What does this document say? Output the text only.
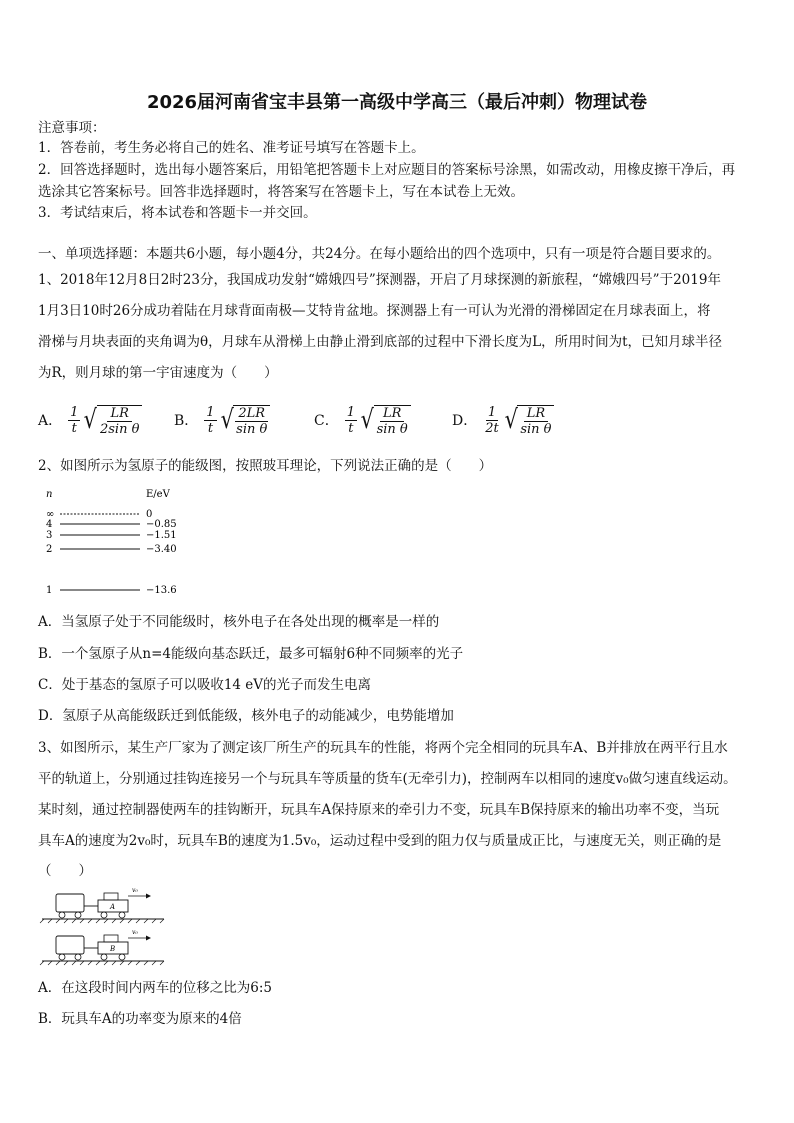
2026届河南省宝丰县第一高级中学高三（最后冲刺）物理试卷
注意事项：
1．答卷前，考生务必将自己的姓名、准考证号填写在答题卡上。
2．回答选择题时，选出每小题答案后，用铅笔把答题卡上对应题目的答案标号涂黑，如需改动，用橡皮擦干净后，再
选涂其它答案标号。回答非选择题时，将答案写在答题卡上，写在本试卷上无效。
3．考试结束后，将本试卷和答题卡一并交回。
一、单项选择题：本题共6小题，每小题4分，共24分。在每小题给出的四个选项中，只有一项是符合题目要求的。
1、2018年12月8日2时23分，我国成功发射“嫦娥四号”探测器，开启了月球探测的新旅程，“嫦娥四号”于2019年
1月3日10时26分成功着陆在月球背面南极—艾特肯盆地。探测器上有一可认为光滑的滑梯固定在月球表面上，将
滑梯与月块表面的夹角调为θ，月球车从滑梯上由静止滑到底部的过程中下滑长度为L，所用时间为t，已知月球半径
为R，则月球的第一宇宙速度为（　　）
A． $\frac{1}{t}$ √ $\frac{LR}{\text{2sin θ}}$ B． $\frac{1}{t}$ √ $\frac{2LR}{\text{sin θ}}$	C． $\frac{1}{t}$ √ $\frac{LR}{\text{sin θ}}$	D． $\frac{1}{2t}$ √ $\frac{LR}{\text{sin θ}}$
2、如图所示为氢原子的能级图，按照玻耳理论，下列说法正确的是（　　）
n	E/eV
∞	0
4	−0.85
3	−1.51
2	−3.40
1	−13.6
A．当氢原子处于不同能级时，核外电子在各处出现的概率是一样的
B．一个氢原子从n=4能级向基态跃迁，最多可辐射6种不同频率的光子
C．处于基态的氢原子可以吸收14 eV的光子而发生电离
D．氢原子从高能级跃迁到低能级，核外电子的动能减少，电势能增加
3、如图所示，某生产厂家为了测定该厂所生产的玩具车的性能，将两个完全相同的玩具车A、B并排放在两平行且水
平的轨道上，分别通过挂钩连接另一个与玩具车等质量的货车(无牵引力)，控制两车以相同的速度v₀做匀速直线运动。
某时刻，通过控制器使两车的挂钩断开，玩具车A保持原来的牵引力不变，玩具车B保持原来的输出功率不变，当玩
具车A的速度为2v₀时，玩具车B的速度为1.5v₀，运动过程中受到的阻力仅与质量成正比，与速度无关，则正确的是
（　　）
A
v₀
B
v₀
A．在这段时间内两车的位移之比为6:5
B．玩具车A的功率变为原来的4倍
